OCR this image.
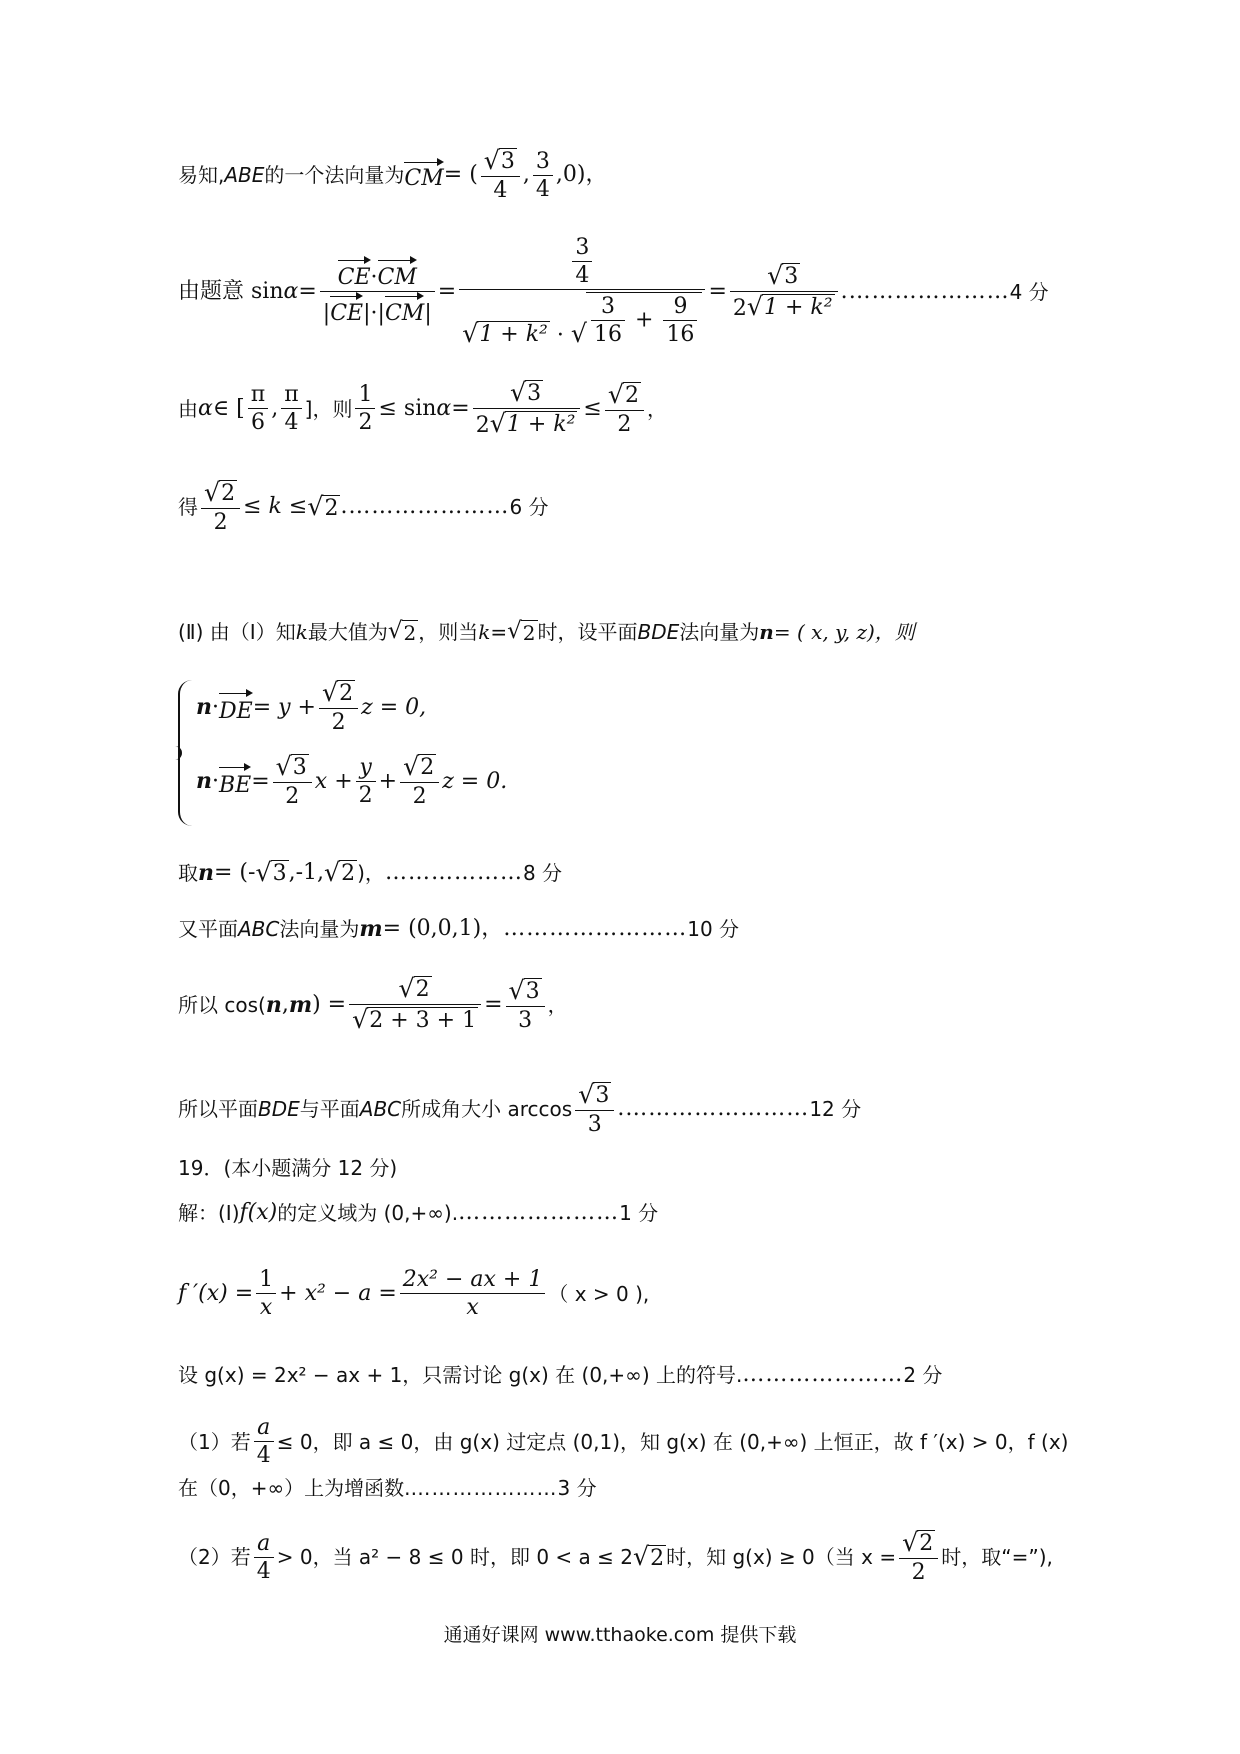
易知, ABE 的一个法向量为 CM = ( $\frac{√ 3}{4}$ , $\frac{3}{4} ,0$)，
由题意 $\sin \alpha = \frac{CE\cdot CM}{|CE|\cdot|CM|} = \frac{\frac{3}{4}}{√ 1 + k^2 \cdot √ \frac{3}{16} + \frac{9}{16}} = \frac{√ 3}{\text{2 √ 1 + k²}}$ .………………… 4 分
由 α ∈ [ $\frac{\pi}{6}$ , $\frac{\pi}{4}$ ]，则 $\frac{1}{2} \le \sin \alpha = \frac{√ 3}{\text{2 √ 1 + k²}} \le \frac{√ 2}{2}$ ，
得 $\frac{√ 2}{2} \le k$ ≤ √ 2 .………………… 6 分
(Ⅱ) 由（Ⅰ）知 k 最大值为 √ 2 ，则当 k = √ 2 时，设平面 BDE 法向量为 n = ( x, y, z)，则
n · DE = $y + \frac{√ 2}{2}$ z = 0,
n · BE = $\frac{√ 3}{2}$ $x + \frac{y}{2} + \frac{√ 2}{2}$ z = 0.
取 n = (- √ 3 ,-1, √ 2 )， ……………… 8 分
又平面 ABC 法向量为 m = (0,0,1)， …………………… 10 分
所以 cos( n , m ) = $\frac{√ 2}{√ 2 + 3 + 1} = \frac{√ 3}{3}$ ，
所以平面 BDE 与平面 ABC 所成角大小 $\arccos \frac{√ 3}{3}$ .…………………… 12 分
19．(本小题满分 12 分)
解：(Ⅰ) f(x) 的定义域为 (0,+∞). ………………… 1 分
f $'(x) = \frac{1}{x} + x^2 - a = \frac{\text{2x² − ax + 1}}{x}$ （ x > 0 ),
设 g(x) = 2x² − ax + 1，只需讨论 g(x) 在 (0,+∞) 上的符号. ………………… 2 分
（1）若 $\frac{a}{4} \le 0$，即 a ≤ 0，由 g(x) 过定点 (0,1)，知 g(x) 在 (0,+∞) 上恒正，故 f ′(x) > 0，f (x)
在（0，+∞）上为增函数. ………………… 3 分
（2）若 $\frac{a}{4} > 0$，当 a² − 8 ≤ 0 时，即 0 < a ≤ 2 √ 2 时，知 g(x) ≥ 0（当 $x = \frac{√ 2}{2}$ 时，取“=”),
通通好课网 www.tthaoke.com 提供下载
